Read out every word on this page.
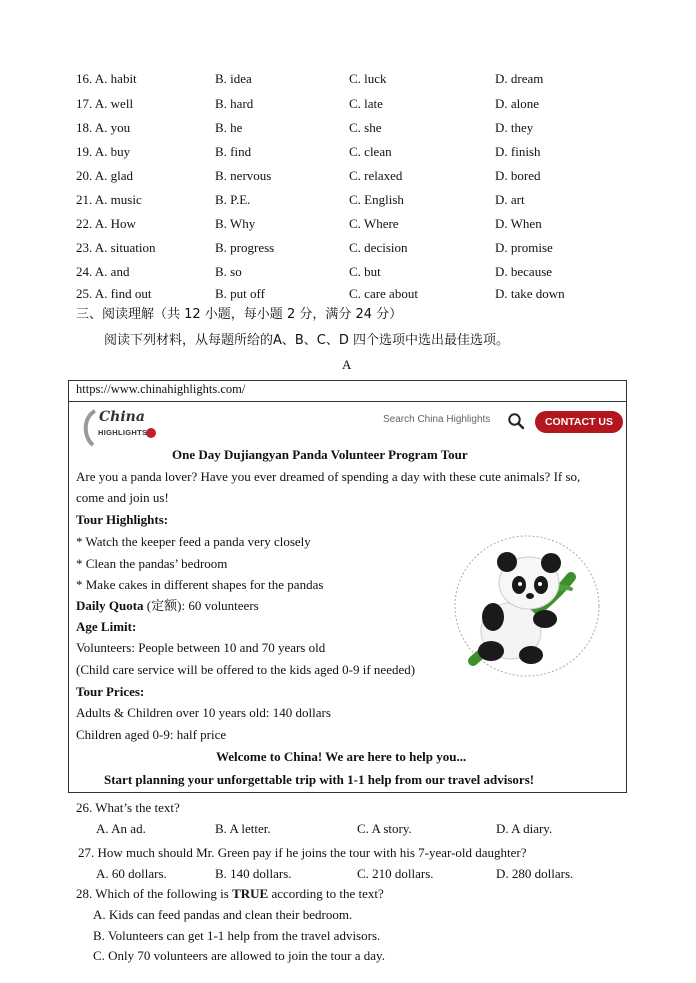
16. A. habit	B. idea	C. luck	D. dream
17. A. well	B. hard	C. late	D. alone
18. A. you	B. he	C. she	D. they
19. A. buy	B. find	C. clean	D. finish
20. A. glad	B. nervous	C. relaxed	D. bored
21. A. music	B. P.E.	C. English	D. art
22. A. How	B. Why	C. Where	D. When
23. A. situation	B. progress	C. decision	D. promise
24. A. and	B. so	C. but	D. because
25. A. find out	B. put off	C. care about	D. take down
三、阅读理解（共 12 小题，每小题 2 分，满分 24 分）
阅读下列材料，从每题所给的A、B、C、D 四个选项中选出最佳选项。
A
https://www.chinahighlights.com/
China
HIGHLIGHTS
Search China Highlights	CONTACT US
One Day Dujiangyan Panda Volunteer Program Tour
Are you a panda lover? Have you ever dreamed of spending a day with these cute animals? If so,
come and join us!
Tour Highlights:
* Watch the keeper feed a panda very closely
* Clean the pandas’ bedroom
* Make cakes in different shapes for the pandas
Daily Quota (定额): 60 volunteers
Age Limit:
Volunteers: People between 10 and 70 years old
(Child care service will be offered to the kids aged 0-9 if needed)
Tour Prices:
Adults & Children over 10 years old: 140 dollars
Children aged 0-9: half price
Welcome to China! We are here to help you...
Start planning your unforgettable trip with 1-1 help from our travel advisors!
26. What’s the text?
A. An ad.	B. A letter.	C. A story.	D. A diary.
27. How much should Mr. Green pay if he joins the tour with his 7-year-old daughter?
A. 60 dollars.	B. 140 dollars.	C. 210 dollars.	D. 280 dollars.
28. Which of the following is TRUE according to the text?
A. Kids can feed pandas and clean their bedroom.
B. Volunteers can get 1-1 help from the travel advisors.
C. Only 70 volunteers are allowed to join the tour a day.
